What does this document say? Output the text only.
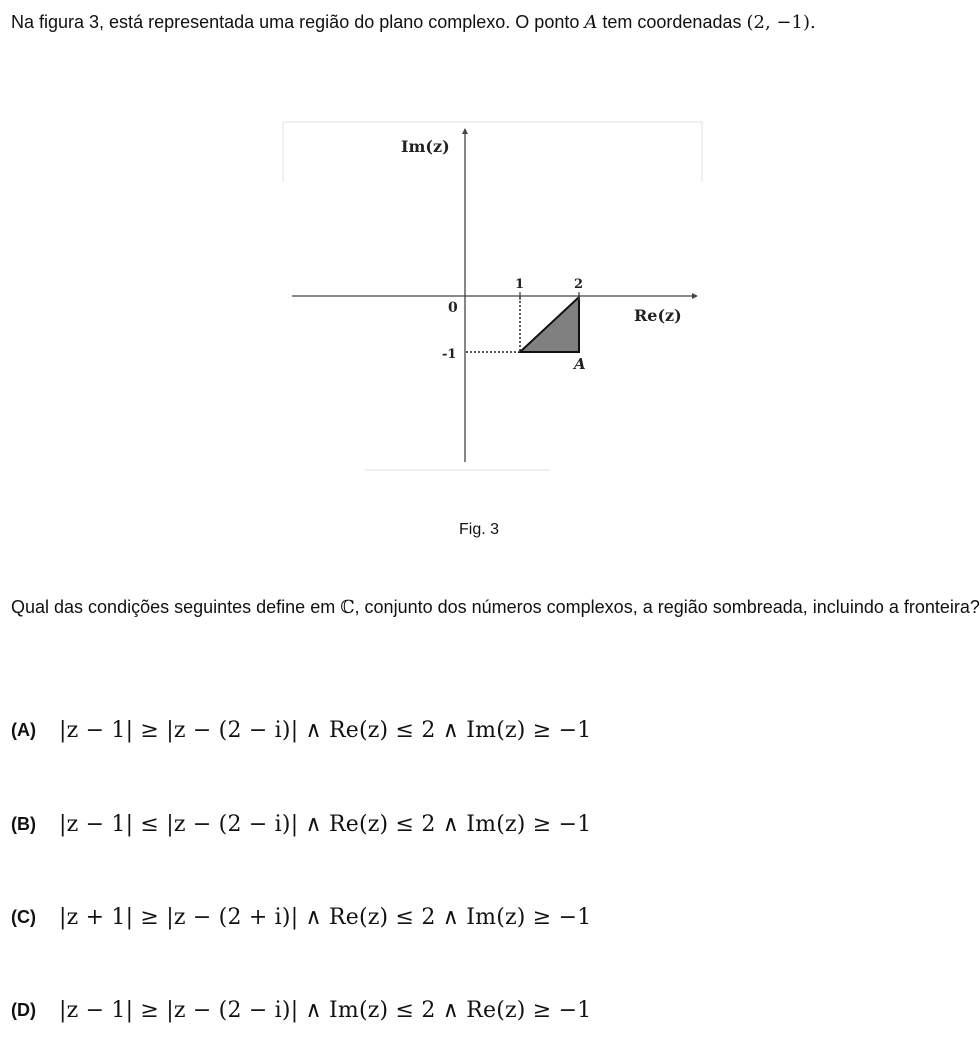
Na figura 3, está representada uma região do plano complexo. O ponto A tem coordenadas (2, −1).
Im(z)
Re(z)
0
1	2
-1
A
Fig. 3
Qual das condições seguintes define em ℂ, conjunto dos números complexos, a região sombreada, incluindo a fronteira?
(A)	|z − 1| ≥ |z − (2 − i)| ∧ Re(z) ≤ 2 ∧ Im(z) ≥ −1
(B)	|z − 1| ≤ |z − (2 − i)| ∧ Re(z) ≤ 2 ∧ Im(z) ≥ −1
(C)	|z + 1| ≥ |z − (2 + i)| ∧ Re(z) ≤ 2 ∧ Im(z) ≥ −1
(D)	|z − 1| ≥ |z − (2 − i)| ∧ Im(z) ≤ 2 ∧ Re(z) ≥ −1
